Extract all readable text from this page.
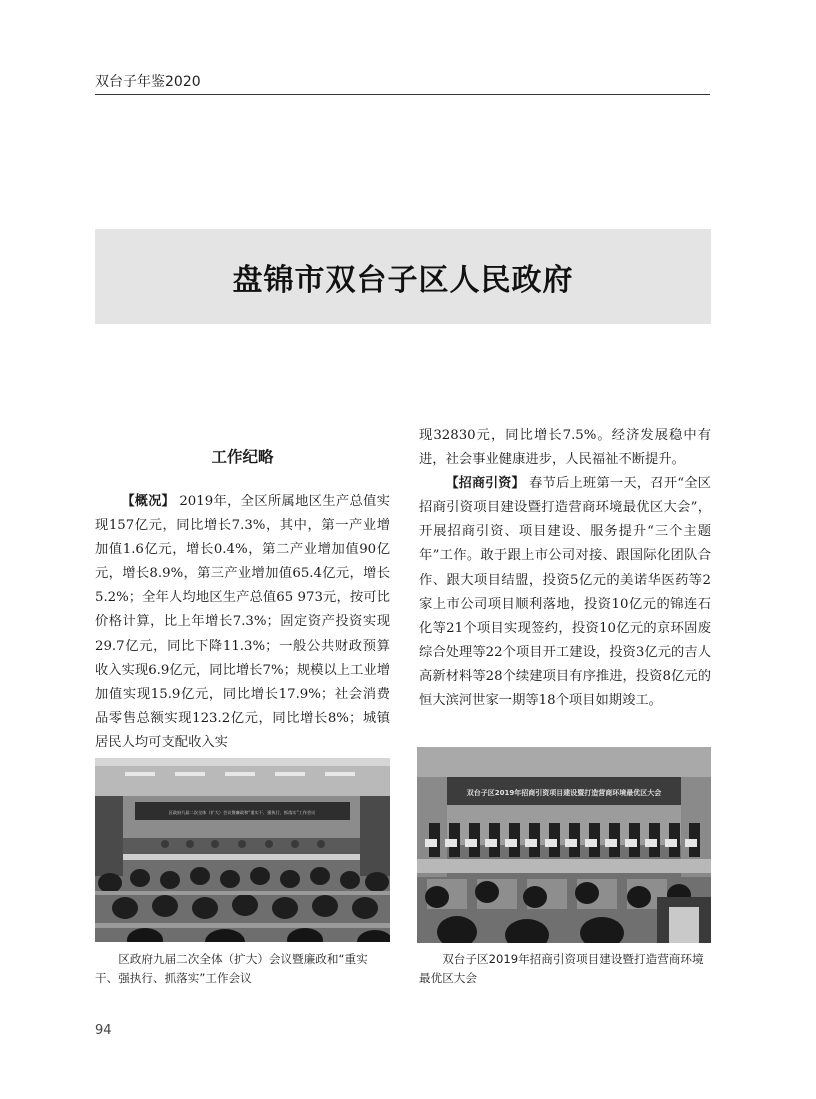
双台子年鉴2020
盘锦市双台子区人民政府
工作纪略

【概况】 2019年，全区所属地区生产总值实现157亿元，同比增长7.3%，其中，第一产业增加值1.6亿元，增长0.4%，第二产业增加值90亿元，增长8.9%，第三产业增加值65.4亿元，增长5.2%；全年人均地区生产总值65 973元，按可比价格计算，比上年增长7.3%；固定资产投资实现29.7亿元，同比下降11.3%；一般公共财政预算收入实现6.9亿元，同比增长7%；规模以上工业增加值实现15.9亿元，同比增长17.9%；社会消费品零售总额实现123.2亿元，同比增长8%；城镇居民人均可支配收入实

现32830元，同比增长7.5%。经济发展稳中有进，社会事业健康进步，人民福祉不断提升。

【招商引资】 春节后上班第一天，召开“全区招商引资项目建设暨打造营商环境最优区大会”，开展招商引资、项目建设、服务提升“三个主题年”工作。敢于跟上市公司对接、跟国际化团队合作、跟大项目结盟，投资5亿元的美诺华医药等2家上市公司项目顺利落地，投资10亿元的锦连石化等21个项目实现签约，投资10亿元的京环固废综合处理等22个项目开工建设，投资3亿元的吉人高新材料等28个续建项目有序推进，投资8亿元的恒大滨河世家一期等18个项目如期竣工。

区政府九届二次全体（扩大）会议暨廉政和“重实干、强执行、抓落实”工作会议
双台子区2019年招商引资项目建设暨打造营商环境最优区大会
区政府九届二次全体（扩大）会议暨廉政和“重实干、强执行、抓落实”工作会议
双台子区2019年招商引资项目建设暨打造营商环境最优区大会
94
